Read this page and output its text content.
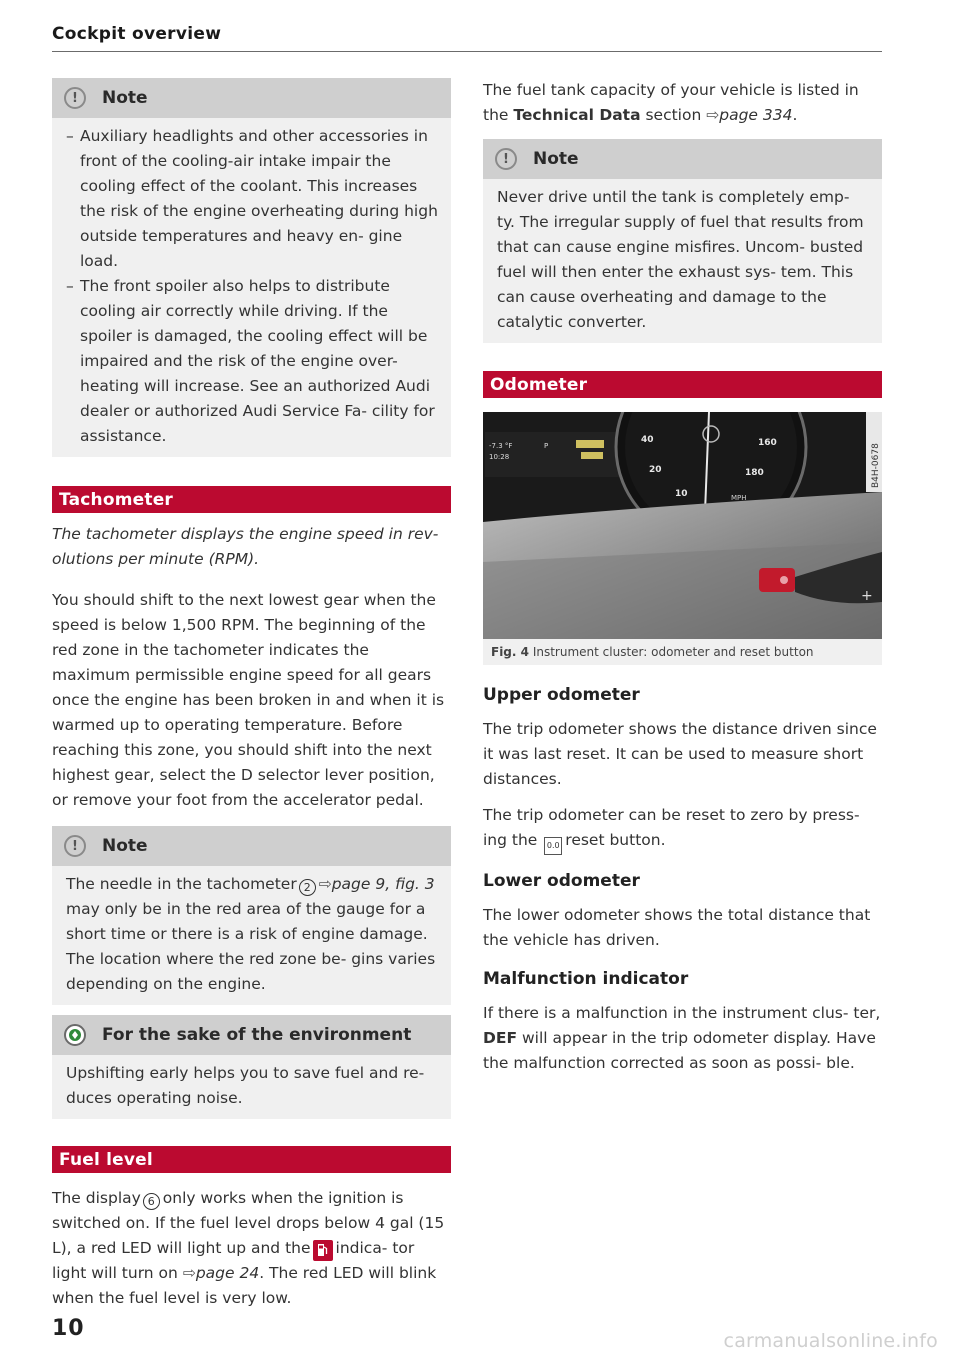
Cockpit overview
!	Note
– Auxiliary headlights and other accessories in front of the cooling-air intake impair the cooling effect of the coolant. This increases the risk of the engine overheating during high outside temperatures and heavy en- gine load.
– The front spoiler also helps to distribute cooling air correctly while driving. If the spoiler is damaged, the cooling effect will be impaired and the risk of the engine over- heating will increase. See an authorized Audi dealer or authorized Audi Service Fa- cility for assistance.
Tachometer

The tachometer displays the engine speed in rev- olutions per minute (RPM).

You should shift to the next lowest gear when the speed is below 1,500 RPM. The beginning of the red zone in the tachometer indicates the maximum permissible engine speed for all gears once the engine has been broken in and when it is warmed up to operating temperature. Before reaching this zone, you should shift into the next highest gear, select the D selector lever position, or remove your foot from the accelerator pedal.

!	Note

The needle in the tachometer 2 ⇨page 9, fig. 3 may only be in the red area of the gauge for a short time or there is a risk of engine damage. The location where the red zone be- gins varies depending on the engine.

For the sake of the environment

Upshifting early helps you to save fuel and re- duces operating noise.

Fuel level

The display 6 only works when the ignition is switched on. If the fuel level drops below 4 gal (15 L), a red LED will light up and the indica- tor light will turn on ⇨page 24. The red LED will blink when the fuel level is very low.

The fuel tank capacity of your vehicle is listed in the Technical Data section ⇨page 334.

!	Note

Never drive until the tank is completely emp- ty. The irregular supply of fuel that results from that can cause engine misfires. Uncom- busted fuel will then enter the exhaust sys- tem. This can cause overheating and damage to the catalytic converter.

Odometer
-7.3 °F
10:28
P
40
20
10
160
180
MPH
+
B4H-0678
Fig. 4 Instrument cluster: odometer and reset button
Upper odometer

The trip odometer shows the distance driven since it was last reset. It can be used to measure short distances.

The trip odometer can be reset to zero by press- ing the 0.0 reset button.

Lower odometer

The lower odometer shows the total distance that the vehicle has driven.

Malfunction indicator

If there is a malfunction in the instrument clus- ter, DEF will appear in the trip odometer display. Have the malfunction corrected as soon as possi- ble.

10	carmanualsonline.info
